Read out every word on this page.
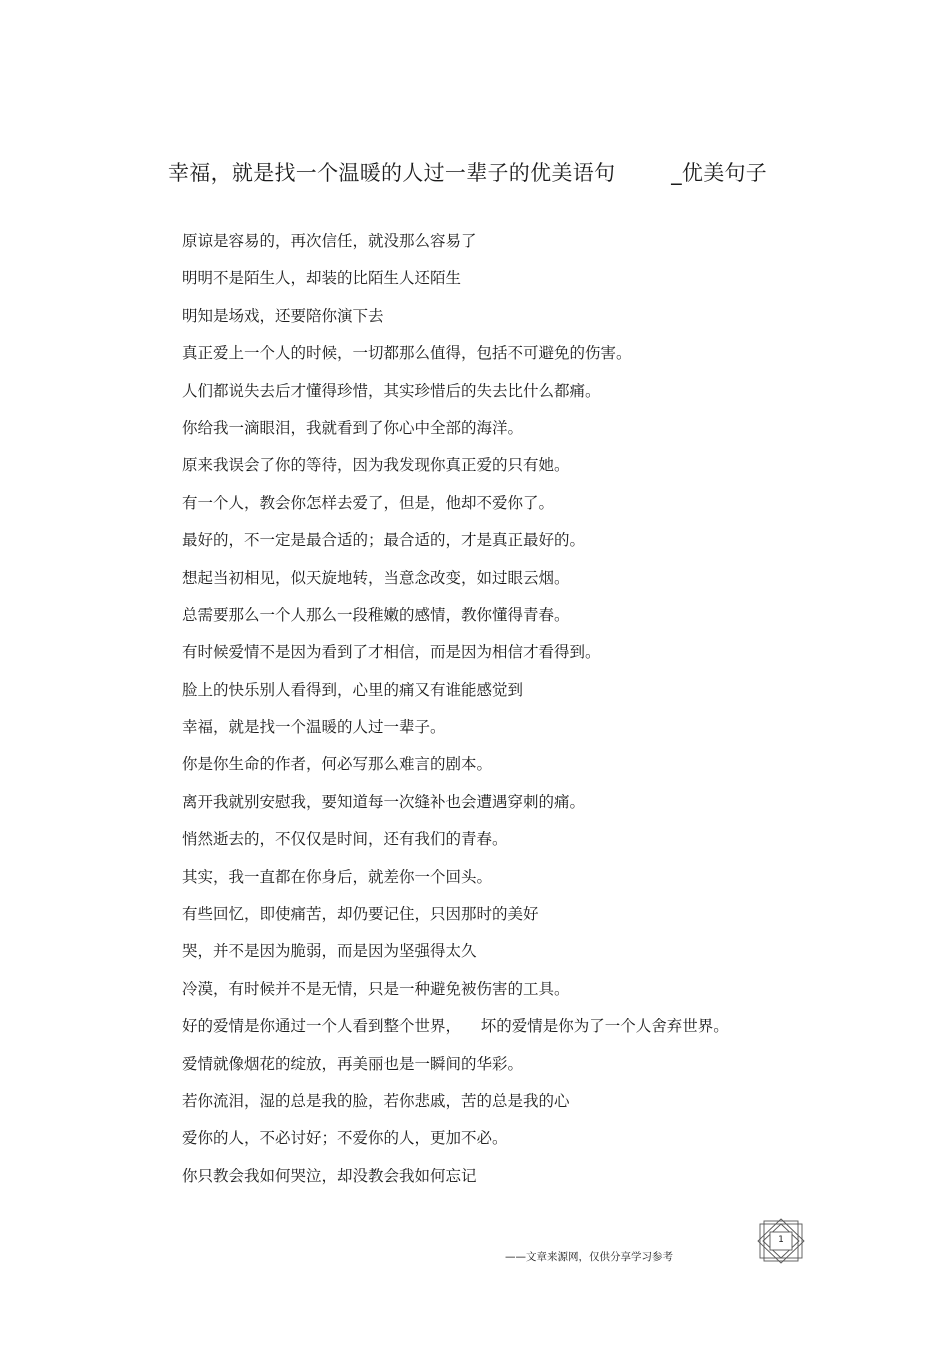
幸福，就是找一个温暖的人过一辈子的优美语句        _优美句子
原谅是容易的，再次信任，就没那么容易了
明明不是陌生人，却装的比陌生人还陌生
明知是场戏，还要陪你演下去
真正爱上一个人的时候，一切都那么值得，包括不可避免的伤害。
人们都说失去后才懂得珍惜，其实珍惜后的失去比什么都痛。
你给我一滴眼泪，我就看到了你心中全部的海洋。
原来我误会了你的等待，因为我发现你真正爱的只有她。
有一个人，教会你怎样去爱了，但是，他却不爱你了。
最好的，不一定是最合适的；最合适的，才是真正最好的。
想起当初相见，似天旋地转，当意念改变，如过眼云烟。
总需要那么一个人那么一段稚嫩的感情，教你懂得青春。
有时候爱情不是因为看到了才相信，而是因为相信才看得到。
脸上的快乐别人看得到，心里的痛又有谁能感觉到
幸福，就是找一个温暖的人过一辈子。
你是你生命的作者，何必写那么难言的剧本。
离开我就别安慰我，要知道每一次缝补也会遭遇穿刺的痛。
悄然逝去的，不仅仅是时间，还有我们的青春。
其实，我一直都在你身后，就差你一个回头。
有些回忆，即使痛苦，却仍要记住，只因那时的美好
哭，并不是因为脆弱，而是因为坚强得太久
冷漠，有时候并不是无情，只是一种避免被伤害的工具。
好的爱情是你通过一个人看到整个世界，    坏的爱情是你为了一个人舍弃世界。
爱情就像烟花的绽放，再美丽也是一瞬间的华彩。
若你流泪，湿的总是我的脸，若你悲戚，苦的总是我的心
爱你的人，不必讨好；不爱你的人，更加不必。
你只教会我如何哭泣，却没教会我如何忘记
——文章来源网，仅供分享学习参考
1
